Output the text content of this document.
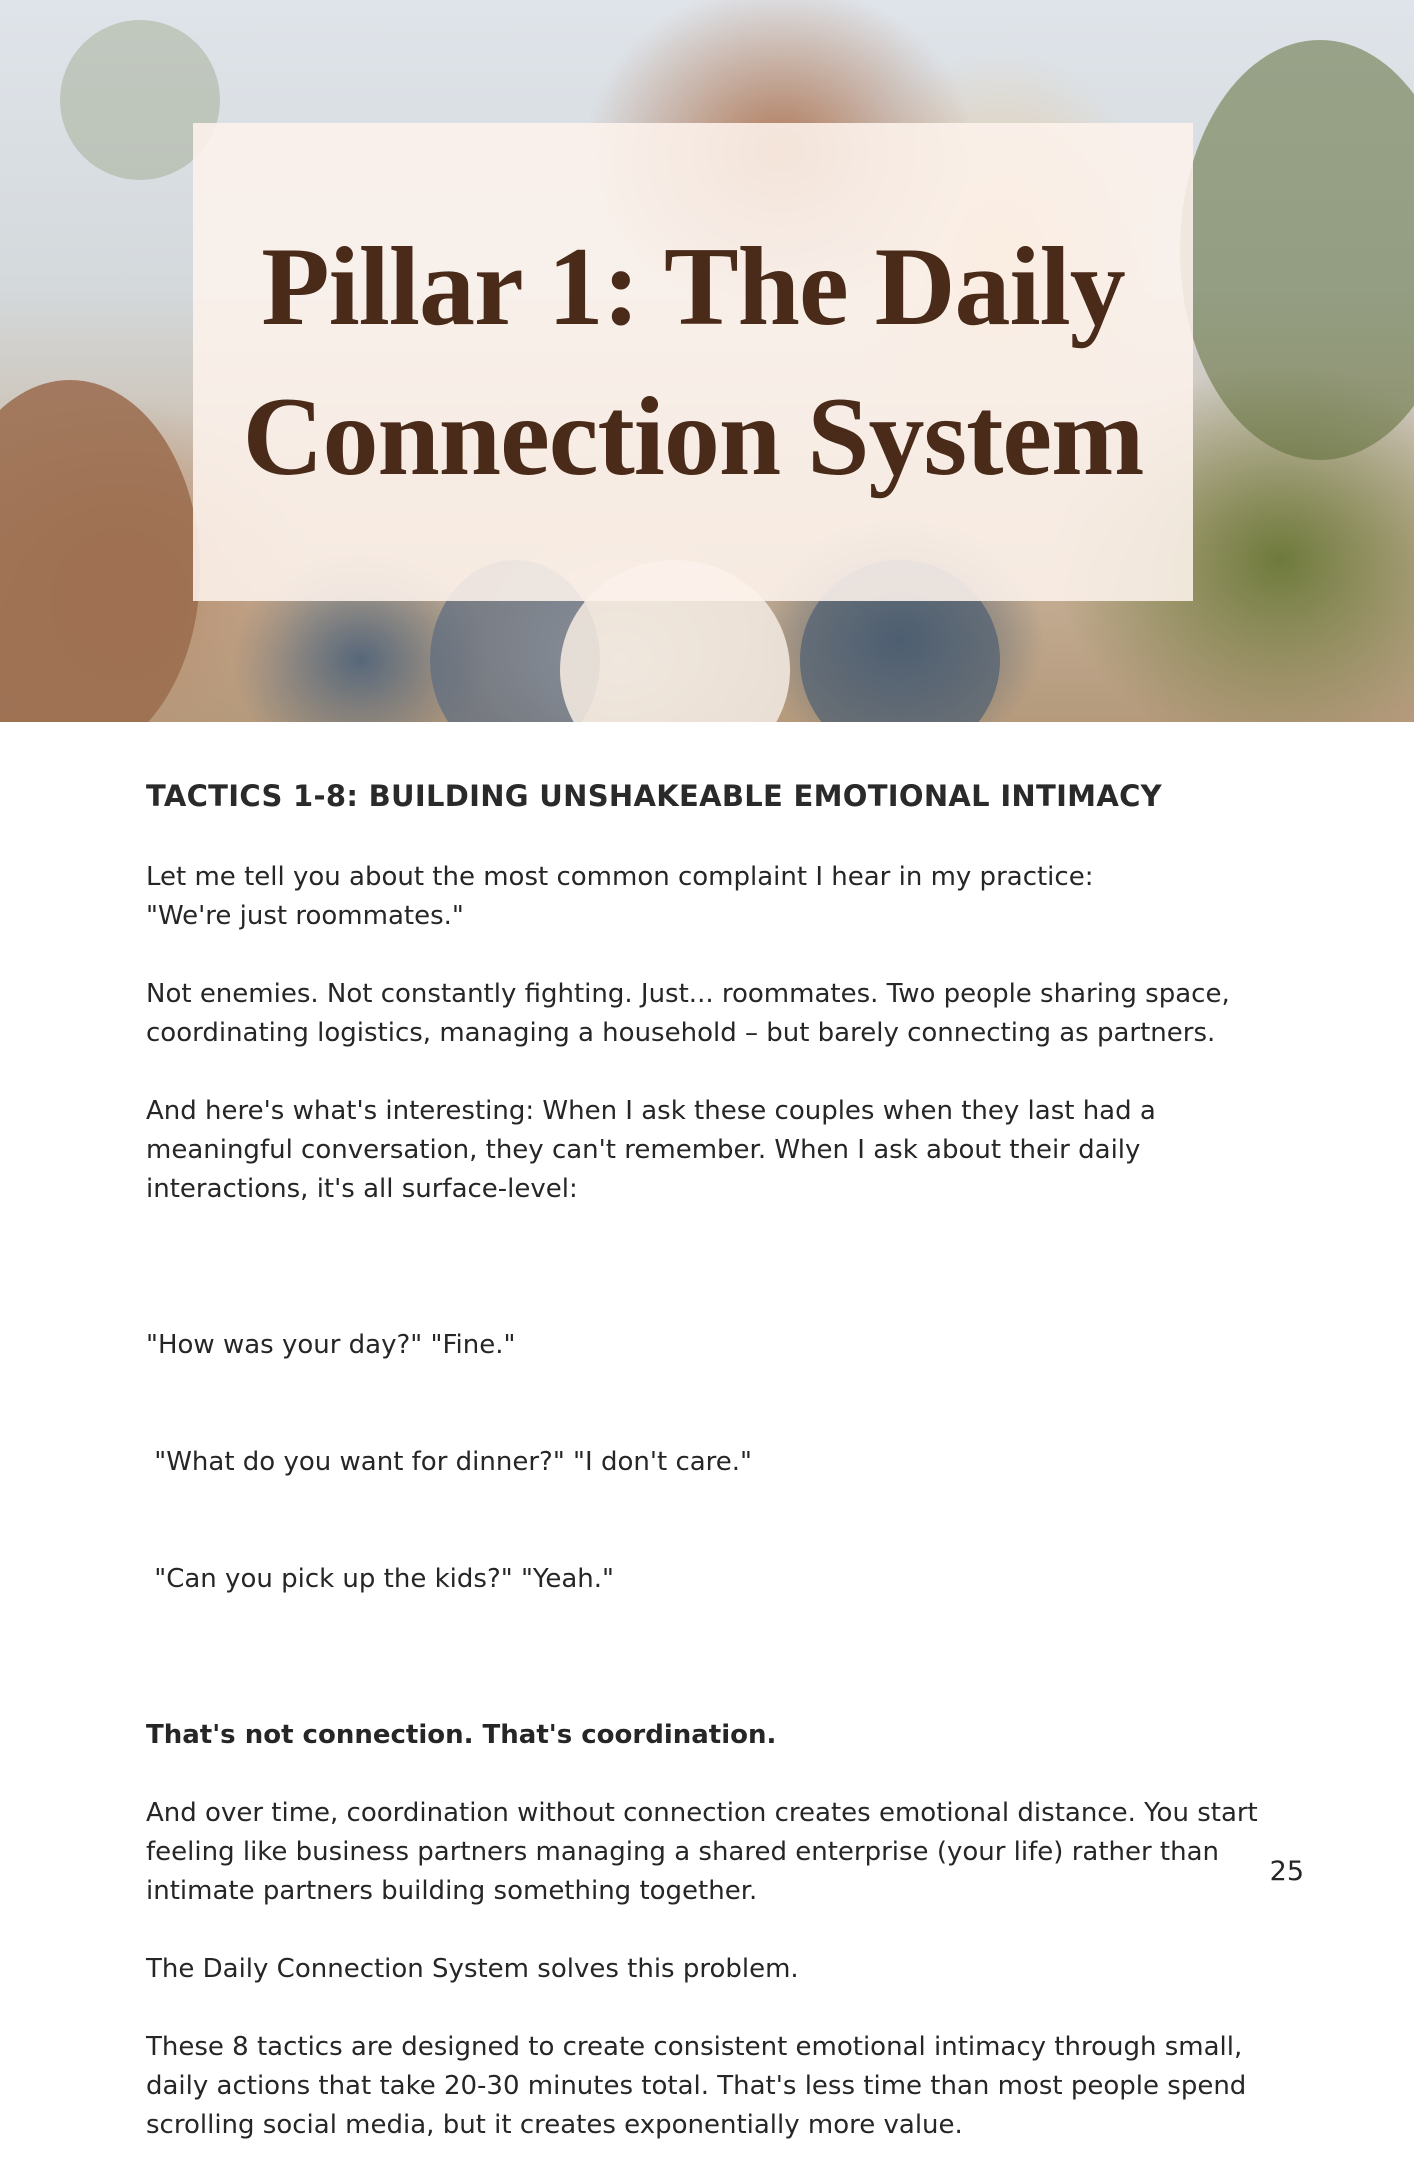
Pillar 1: The Daily
Connection System
TACTICS 1-8: BUILDING UNSHAKEABLE EMOTIONAL INTIMACY

Let me tell you about the most common complaint I hear in my practice:
"We're just roommates."

Not enemies. Not constantly fighting. Just... roommates. Two people sharing space,
coordinating logistics, managing a household – but barely connecting as partners.

And here's what's interesting: When I ask these couples when they last had a
meaningful conversation, they can't remember. When I ask about their daily
interactions, it's all surface-level:

"How was your day?" "Fine."

"What do you want for dinner?" "I don't care."

"Can you pick up the kids?" "Yeah."

That's not connection. That's coordination.

And over time, coordination without connection creates emotional distance. You start
feeling like business partners managing a shared enterprise (your life) rather than
intimate partners building something together.

The Daily Connection System solves this problem.

These 8 tactics are designed to create consistent emotional intimacy through small,
daily actions that take 20-30 minutes total. That's less time than most people spend
scrolling social media, but it creates exponentially more value.

25
